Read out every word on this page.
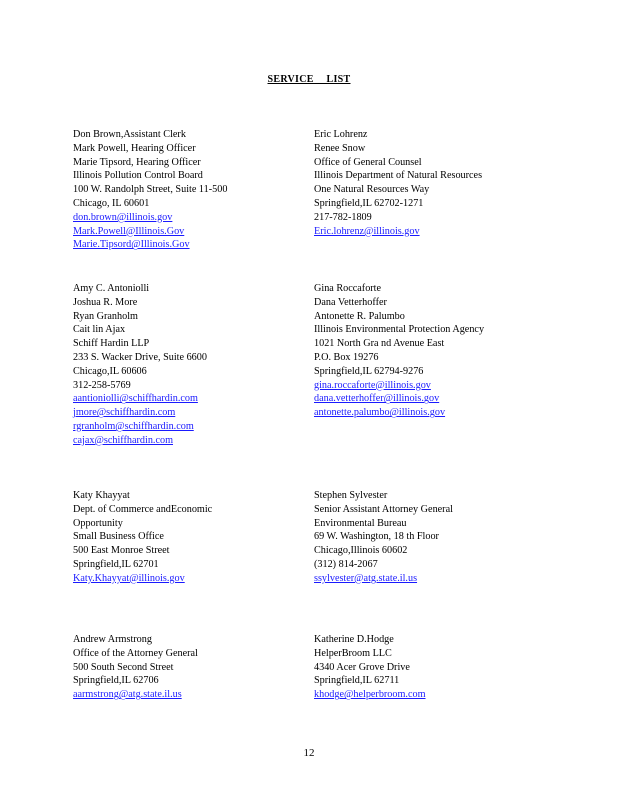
SERVICE LIST
Don Brown,Assistant Clerk
Mark Powell, Hearing Officer
Marie Tipsord, Hearing Officer
Illinois Pollution Control Board
100 W. Randolph Street, Suite 11-500
Chicago, IL 60601
don.brown@illinois.gov
Mark.Powell@Illinois.Gov
Marie.Tipsord@Illinois.Gov
Eric Lohrenz
Renee Snow
Office of General Counsel
Illinois Department of Natural Resources
One Natural Resources Way
Springfield,IL 62702-1271
217-782-1809
Eric.lohrenz@illinois.gov
Amy C. Antoniolli
Joshua R. More
Ryan Granholm
Cait lin Ajax
Schiff Hardin LLP
233 S. Wacker Drive, Suite 6600
Chicago,IL 60606
312-258-5769
aantioniolli@schiffhardin.com
jmore@schiffhardin.com
rgranholm@schiffhardin.com
cajax@schiffhardin.com
Gina Roccaforte
Dana Vetterhoffer
Antonette R. Palumbo
Illinois Environmental Protection Agency
1021 North Gra nd Avenue East
P.O. Box 19276
Springfield,IL 62794-9276
gina.roccaforte@illinois.gov
dana.vetterhoffer@illinois.gov
antonette.palumbo@illinois.gov
Katy Khayyat
Dept. of Commerce andEconomic
Opportunity
Small Business Office
500 East Monroe Street
Springfield,IL 62701
Katy.Khayyat@illinois.gov
Stephen Sylvester
Senior Assistant Attorney General
Environmental Bureau
69 W. Washington, 18 th Floor
Chicago,Illinois 60602
(312) 814-2067
ssylvester@atg.state.il.us
Andrew Armstrong
Office of the Attorney General
500 South Second Street
Springfield,IL 62706
aarmstrong@atg.state.il.us
Katherine D.Hodge
HelperBroom LLC
4340 Acer Grove Drive
Springfield,IL 62711
khodge@helperbroom.com
12
